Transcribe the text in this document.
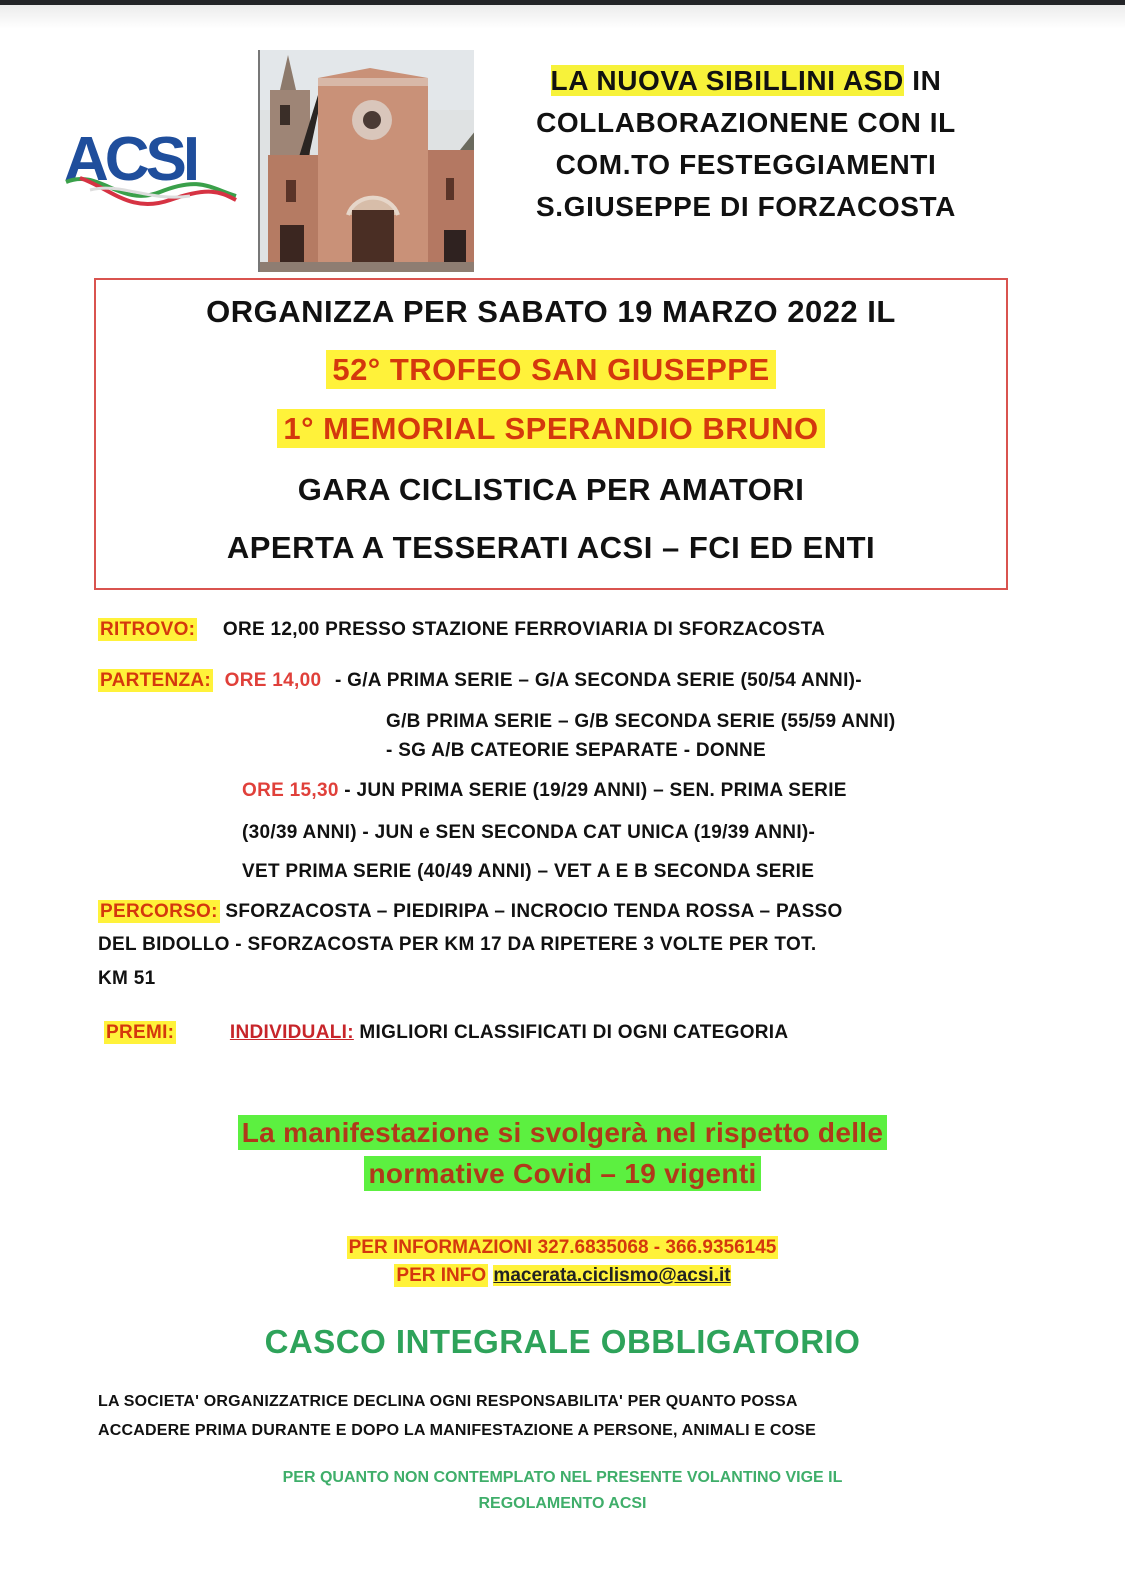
ACSI
LA NUOVA SIBILLINI ASD IN
COLLABORAZIONENE CON IL
COM.TO FESTEGGIAMENTI
S.GIUSEPPE DI FORZACOSTA
ORGANIZZA PER SABATO 19 MARZO 2022 IL
52° TROFEO SAN GIUSEPPE
1° MEMORIAL SPERANDIO BRUNO
GARA CICLISTICA PER AMATORI
APERTA A TESSERATI ACSI – FCI ED ENTI
RITROVO: ORE 12,00 PRESSO STAZIONE FERROVIARIA DI SFORZACOSTA
PARTENZA: ORE 14,00 - G/A PRIMA SERIE – G/A SECONDA SERIE (50/54 ANNI)-
G/B PRIMA SERIE – G/B SECONDA SERIE (55/59 ANNI)
- SG A/B CATEORIE SEPARATE - DONNE
ORE 15,30 - JUN PRIMA SERIE (19/29 ANNI) – SEN. PRIMA SERIE
(30/39 ANNI) - JUN e SEN SECONDA CAT UNICA (19/39 ANNI)-
VET PRIMA SERIE (40/49 ANNI) – VET A E B SECONDA SERIE
PERCORSO: SFORZACOSTA – PIEDIRIPA – INCROCIO TENDA ROSSA – PASSO
DEL BIDOLLO - SFORZACOSTA PER KM 17 DA RIPETERE 3 VOLTE PER TOT.
KM 51
PREMI:	INDIVIDUALI: MIGLIORI CLASSIFICATI DI OGNI CATEGORIA
La manifestazione si svolgerà nel rispetto delle
normative Covid – 19 vigenti
PER INFORMAZIONI 327.6835068 - 366.9356145
PER INFO macerata.ciclismo@acsi.it
CASCO INTEGRALE OBBLIGATORIO
LA SOCIETA' ORGANIZZATRICE DECLINA OGNI RESPONSABILITA' PER QUANTO POSSA
ACCADERE PRIMA DURANTE E DOPO LA MANIFESTAZIONE A PERSONE, ANIMALI E COSE
PER QUANTO NON CONTEMPLATO NEL PRESENTE VOLANTINO VIGE IL
REGOLAMENTO ACSI
